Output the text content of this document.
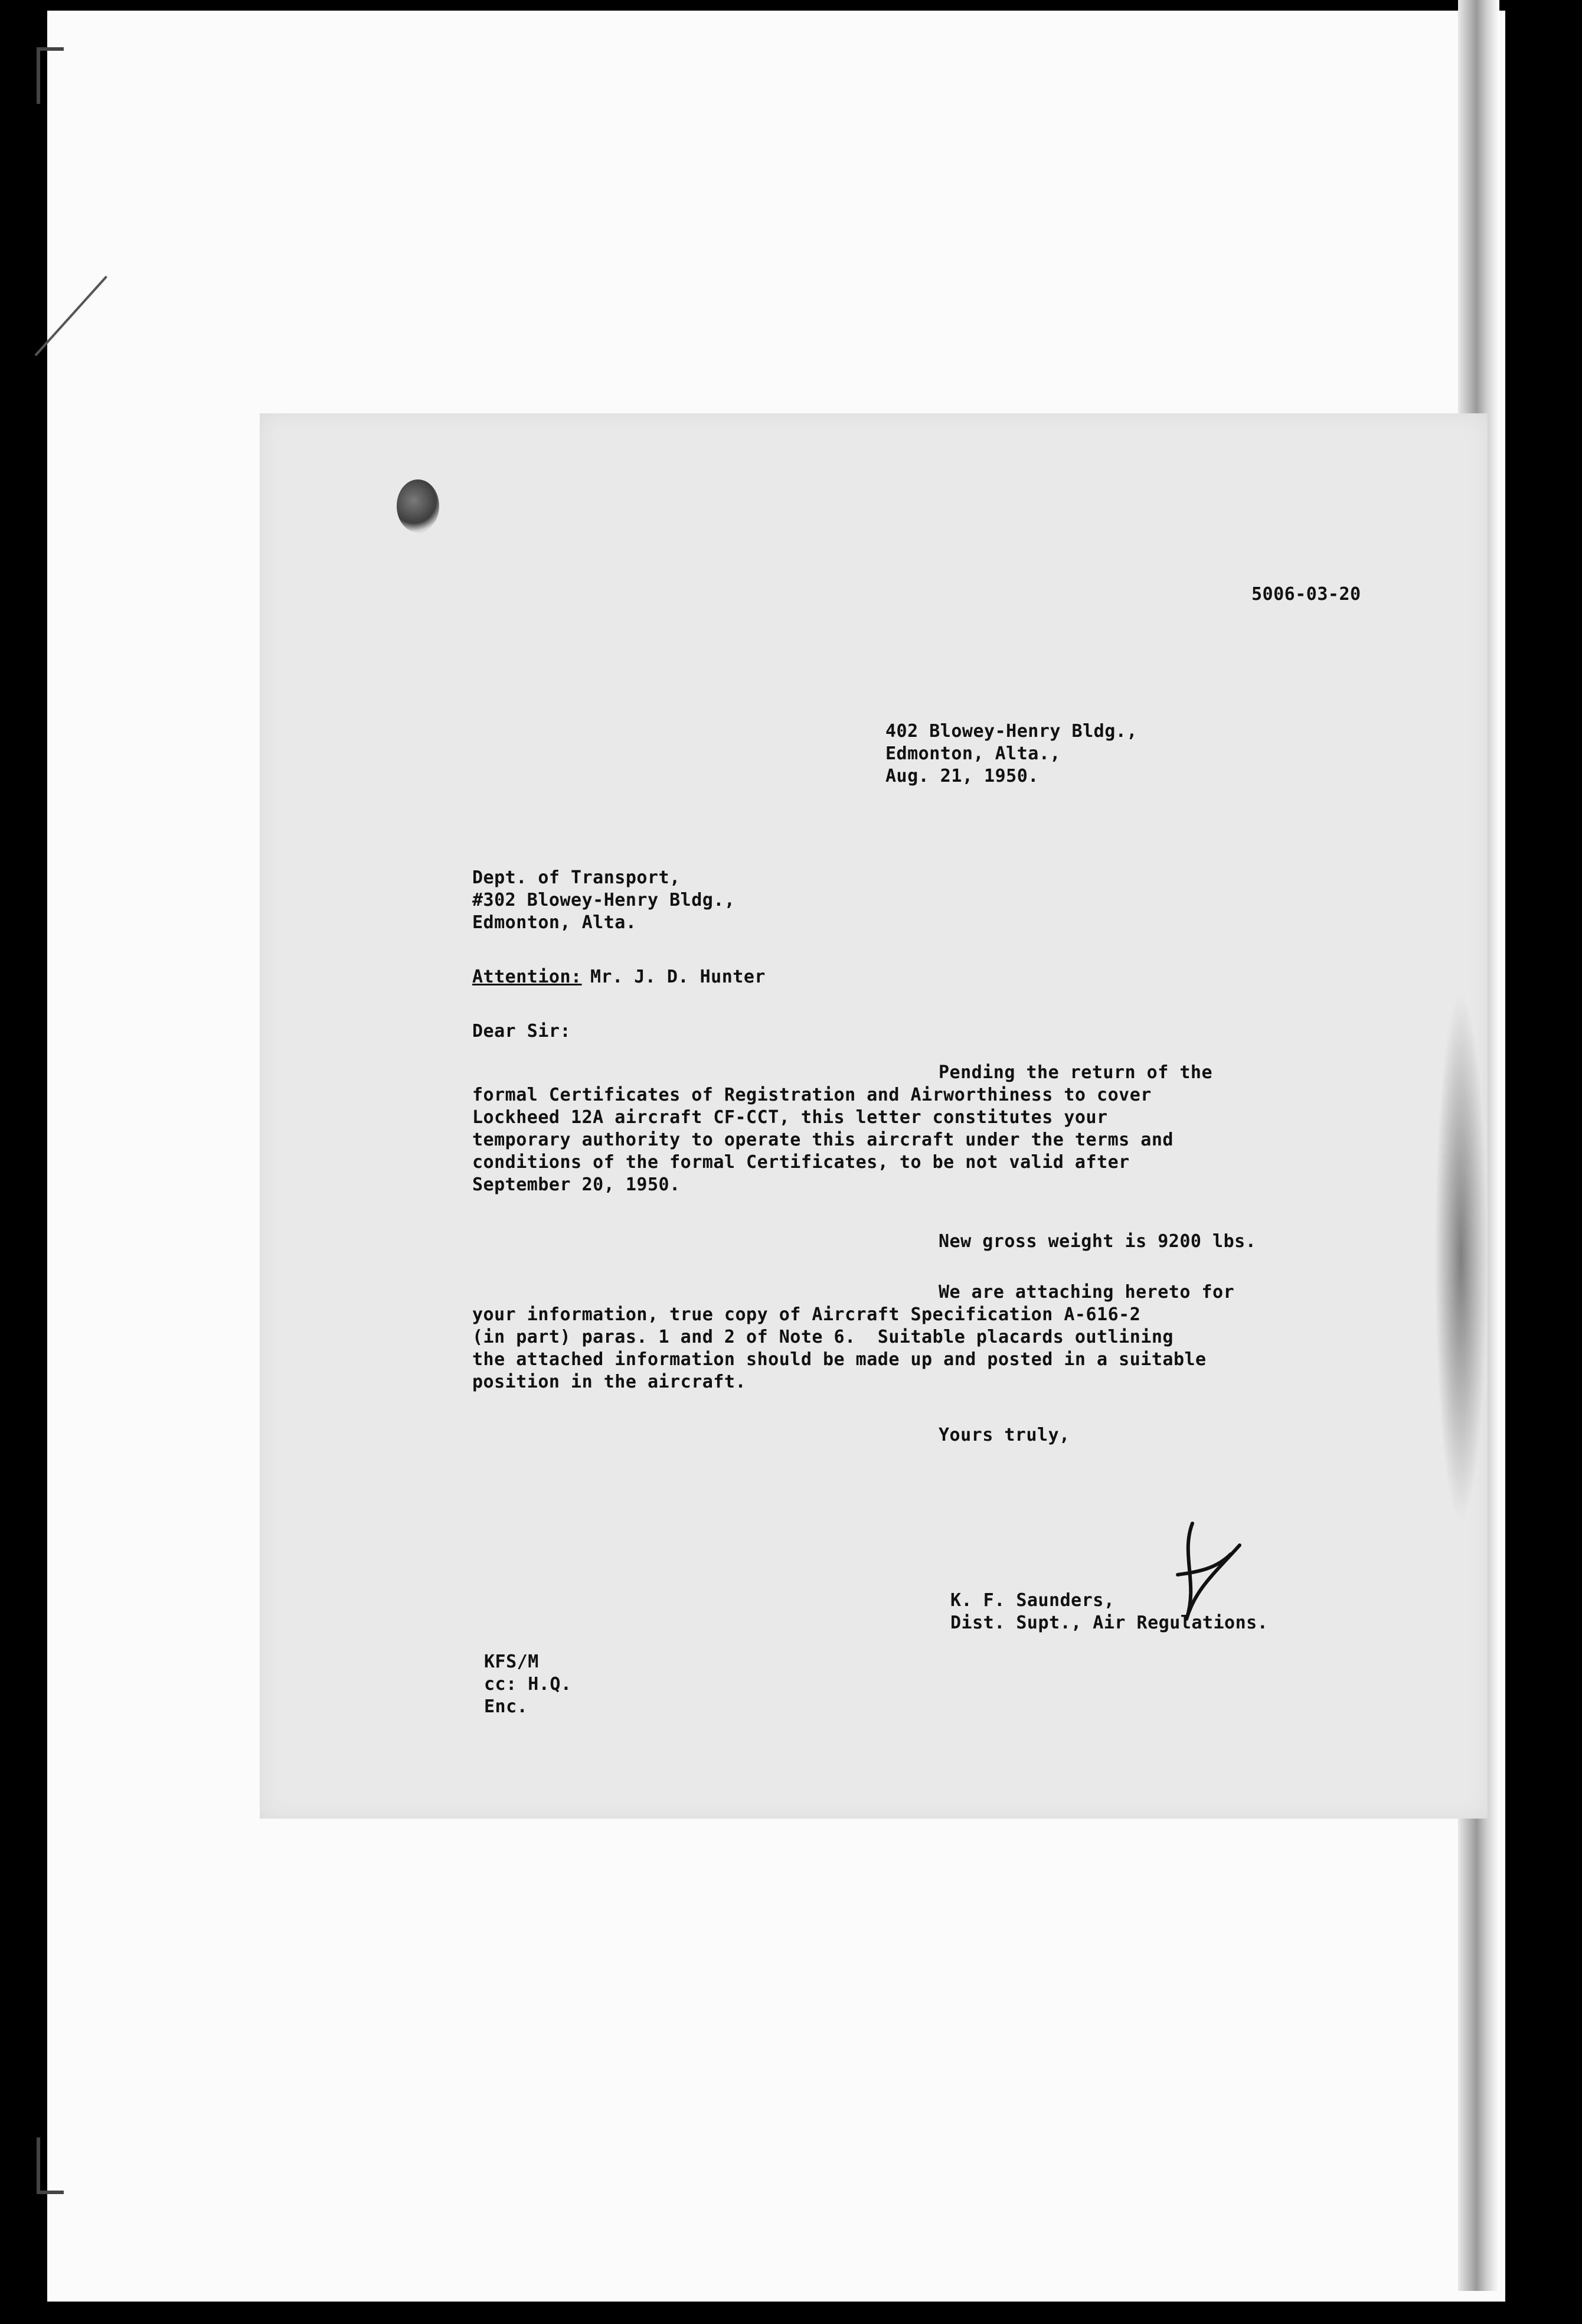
5006-03-20
402 Blowey-Henry Bldg.,
Edmonton, Alta.,
Aug. 21, 1950.
Dept. of Transport,
#302 Blowey-Henry Bldg.,
Edmonton, Alta.
Attention: Mr. J. D. Hunter
Dear Sir:
Pending the return of the
formal Certificates of Registration and Airworthiness to cover
Lockheed 12A aircraft CF-CCT, this letter constitutes your
temporary authority to operate this aircraft under the terms and
conditions of the formal Certificates, to be not valid after
September 20, 1950.
New gross weight is 9200 lbs.
We are attaching hereto for
your information, true copy of Aircraft Specification A-616-2
(in part) paras. 1 and 2 of Note 6.  Suitable placards outlining
the attached information should be made up and posted in a suitable
position in the aircraft.
Yours truly,
K. F. Saunders,
Dist. Supt., Air Regulations.
KFS/M
cc: H.Q.
Enc.
